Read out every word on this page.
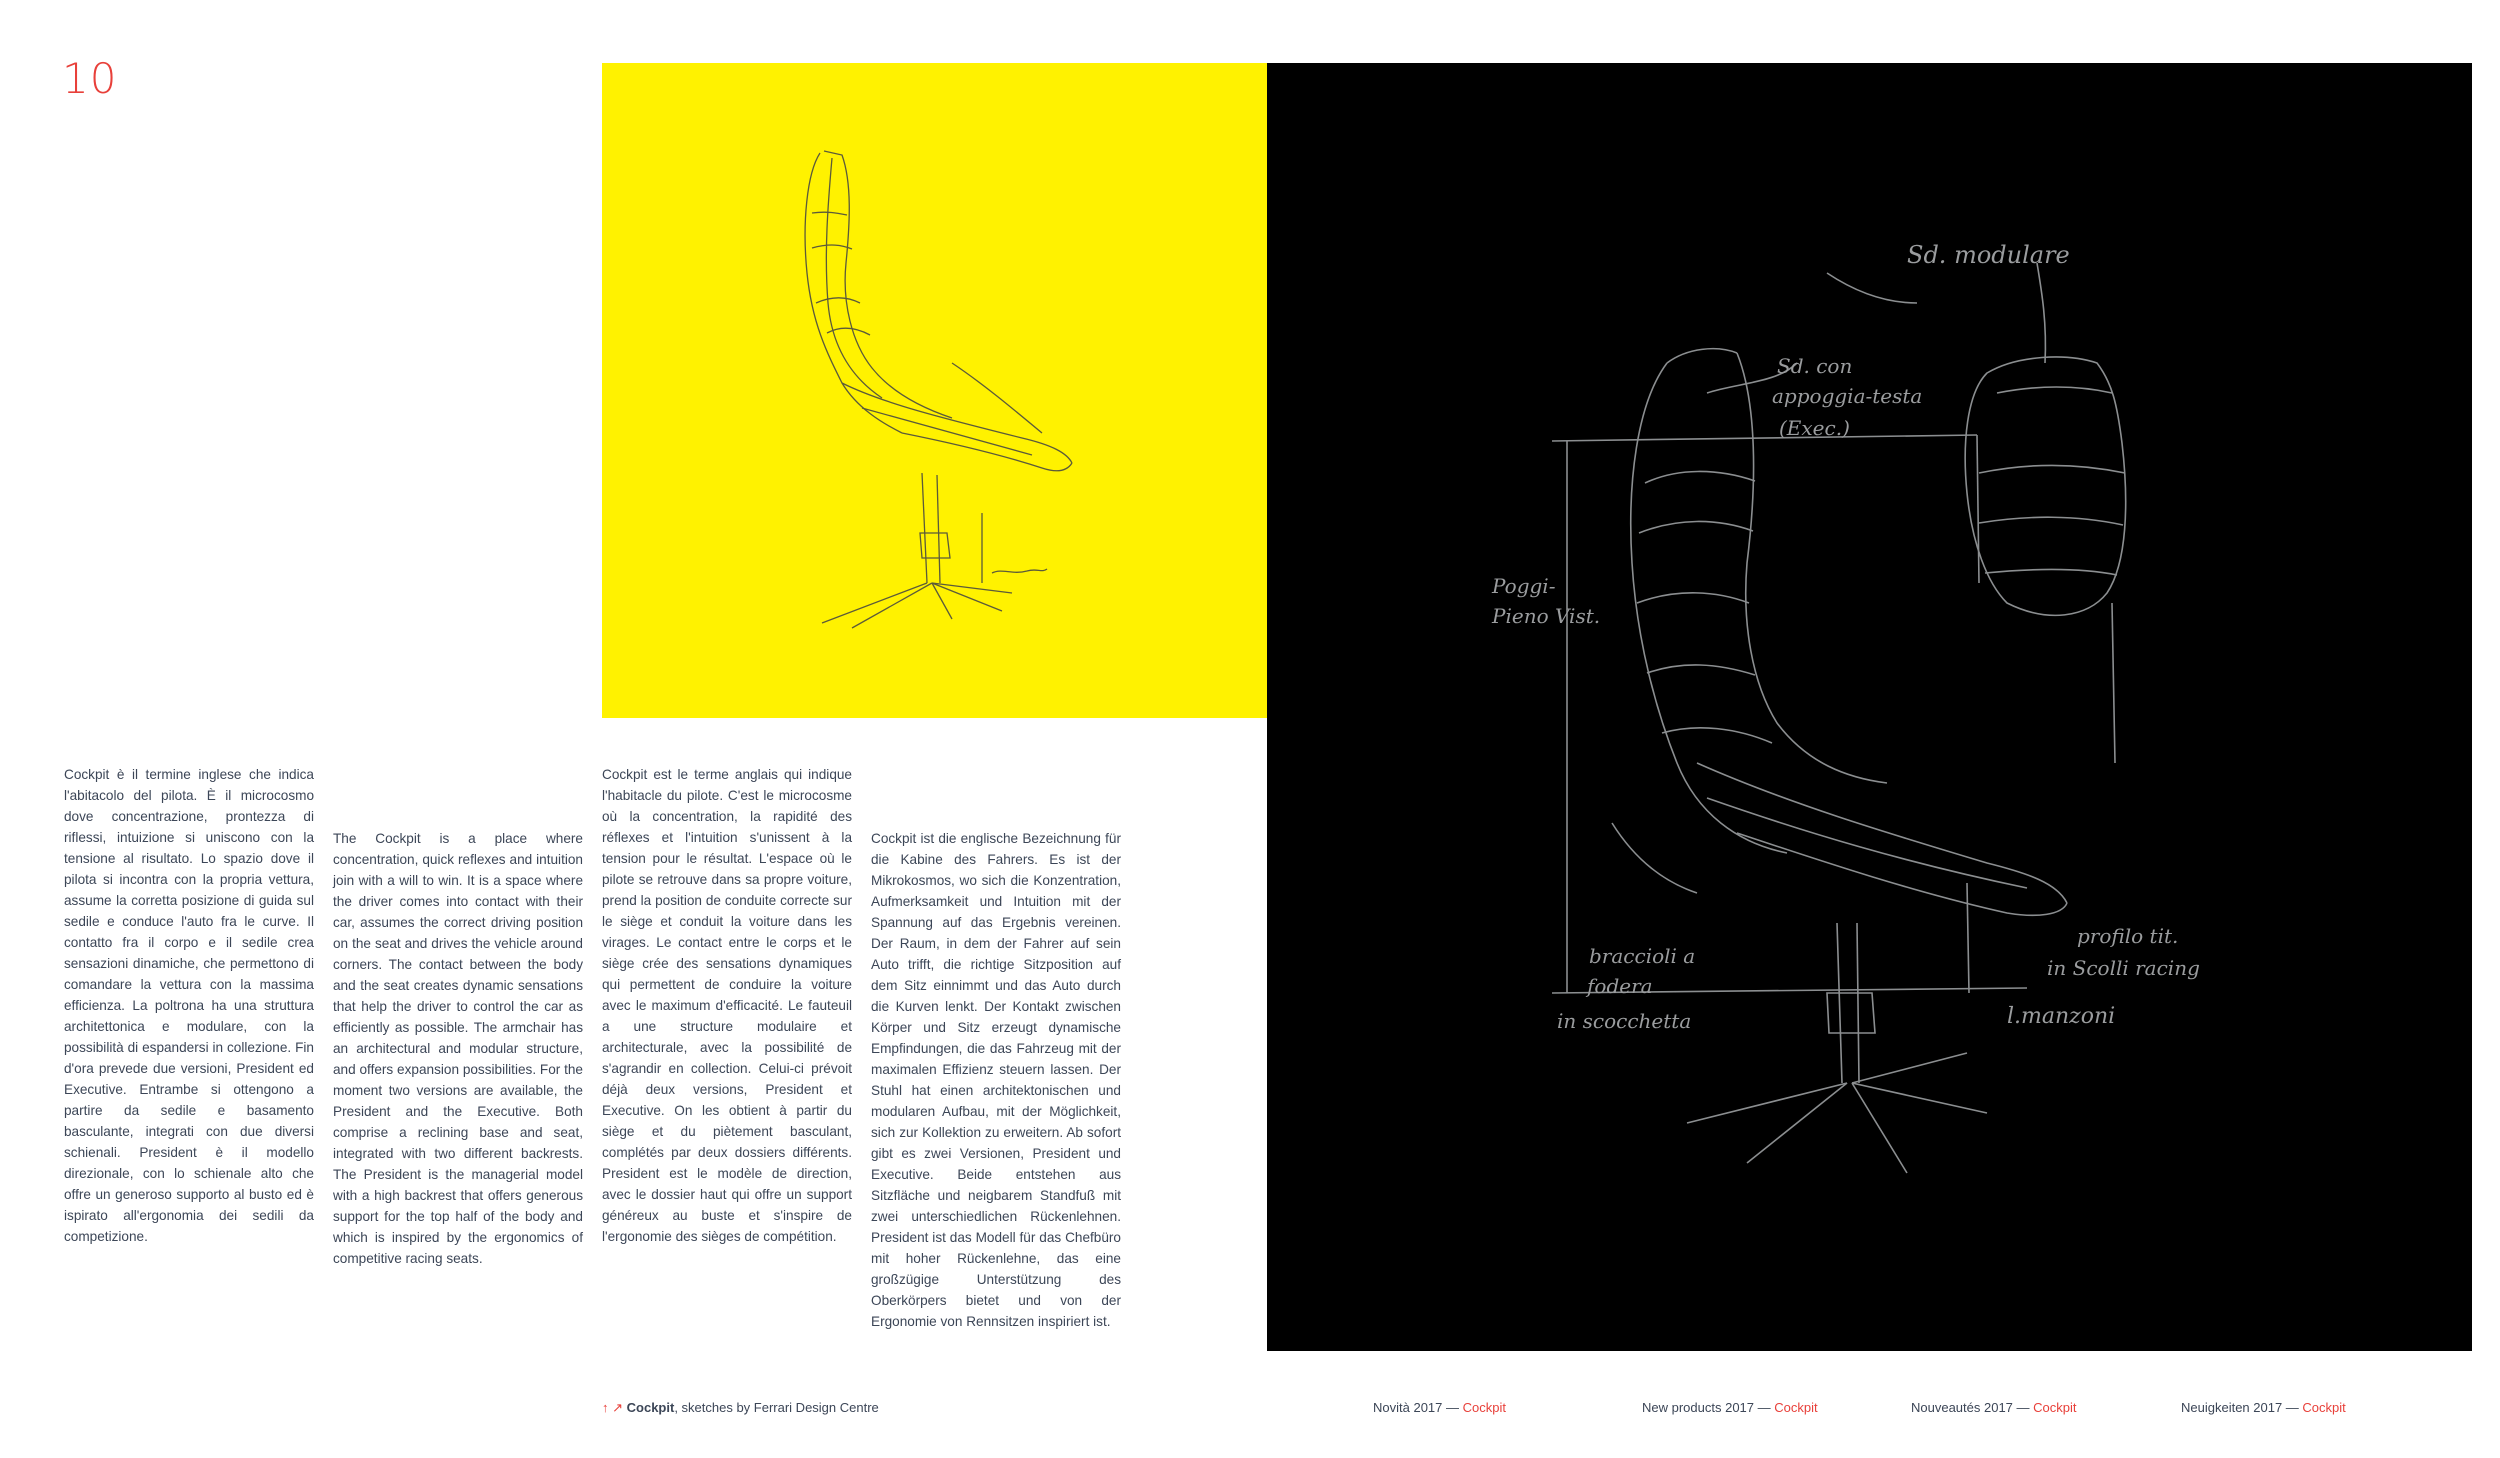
10
Sd. modulare
Sd. con
appoggia-testa
(Exec.)
Poggi-
Pieno Vist.
braccioli a
fodera
in scocchetta
profilo tit.
in Scolli racing
l.manzoni
Cockpit è il termine inglese che indica l'abitacolo del pilota. È il microcosmo dove concentrazione, prontezza di riflessi, intuizione si uniscono con la tensione al risultato. Lo spazio dove il pilota si incontra con la propria vettura, assume la corretta posizione di guida sul sedile e conduce l'auto fra le curve. Il contatto fra il corpo e il sedile crea sensazioni dinamiche, che permettono di comandare la vettura con la massima efficienza. La poltrona ha una struttura architettonica e modulare, con la possibilità di espandersi in collezione. Fin d'ora prevede due versioni, President ed Executive. Entrambe si ottengono a partire da sedile e basamento basculante, integrati con due diversi schienali. President è il modello direzionale, con lo schienale alto che offre un generoso supporto al busto ed è ispirato all'ergonomia dei sedili da competizione.
The Cockpit is a place where concentration, quick reflexes and intuition join with a will to win. It is a space where the driver comes into contact with their car, assumes the correct driving position on the seat and drives the vehicle around corners. The contact between the body and the seat creates dynamic sensations that help the driver to control the car as efficiently as possible. The armchair has an architectural and modular structure, and offers expansion possibilities. For the moment two versions are available, the President and the Executive. Both comprise a reclining base and seat, integrated with two different backrests. The President is the managerial model with a high backrest that offers generous support for the top half of the body and which is inspired by the ergonomics of competitive racing seats.
Cockpit est le terme anglais qui indique l'habitacle du pilote. C'est le microcosme où la concentration, la rapidité des réflexes et l'intuition s'unissent à la tension pour le résultat. L'espace où le pilote se retrouve dans sa propre voiture, prend la position de conduite correcte sur le siège et conduit la voiture dans les virages. Le contact entre le corps et le siège crée des sensations dynamiques qui permettent de conduire la voiture avec le maximum d'efficacité. Le fauteuil a une structure modulaire et architecturale, avec la possibilité de s'agrandir en collection. Celui-ci prévoit déjà deux versions, President et Executive. On les obtient à partir du siège et du piètement basculant, complétés par deux dossiers différents. President est le modèle de direction, avec le dossier haut qui offre un support généreux au buste et s'inspire de l'ergonomie des sièges de compétition.
Cockpit ist die englische Bezeichnung für die Kabine des Fahrers. Es ist der Mikrokosmos, wo sich die Konzentration, Aufmerksamkeit und Intuition mit der Spannung auf das Ergebnis vereinen. Der Raum, in dem der Fahrer auf sein Auto trifft, die richtige Sitzposition auf dem Sitz einnimmt und das Auto durch die Kurven lenkt. Der Kontakt zwischen Körper und Sitz erzeugt dynamische Empfindungen, die das Fahrzeug mit der maximalen Effizienz steuern lassen. Der Stuhl hat einen architektonischen und modularen Aufbau, mit der Möglichkeit, sich zur Kollektion zu erweitern. Ab sofort gibt es zwei Versionen, President und Executive. Beide entstehen aus Sitzfläche und neigbarem Standfuß mit zwei unterschiedlichen Rückenlehnen. President ist das Modell für das Chefbüro mit hoher Rückenlehne, das eine großzügige Unterstützung des Oberkörpers bietet und von der Ergonomie von Rennsitzen inspiriert ist.
↑ ↗ Cockpit, sketches by Ferrari Design Centre	Novità 2017 — Cockpit	New products 2017 — Cockpit	Nouveautés 2017 — Cockpit	Neuigkeiten 2017 — Cockpit
